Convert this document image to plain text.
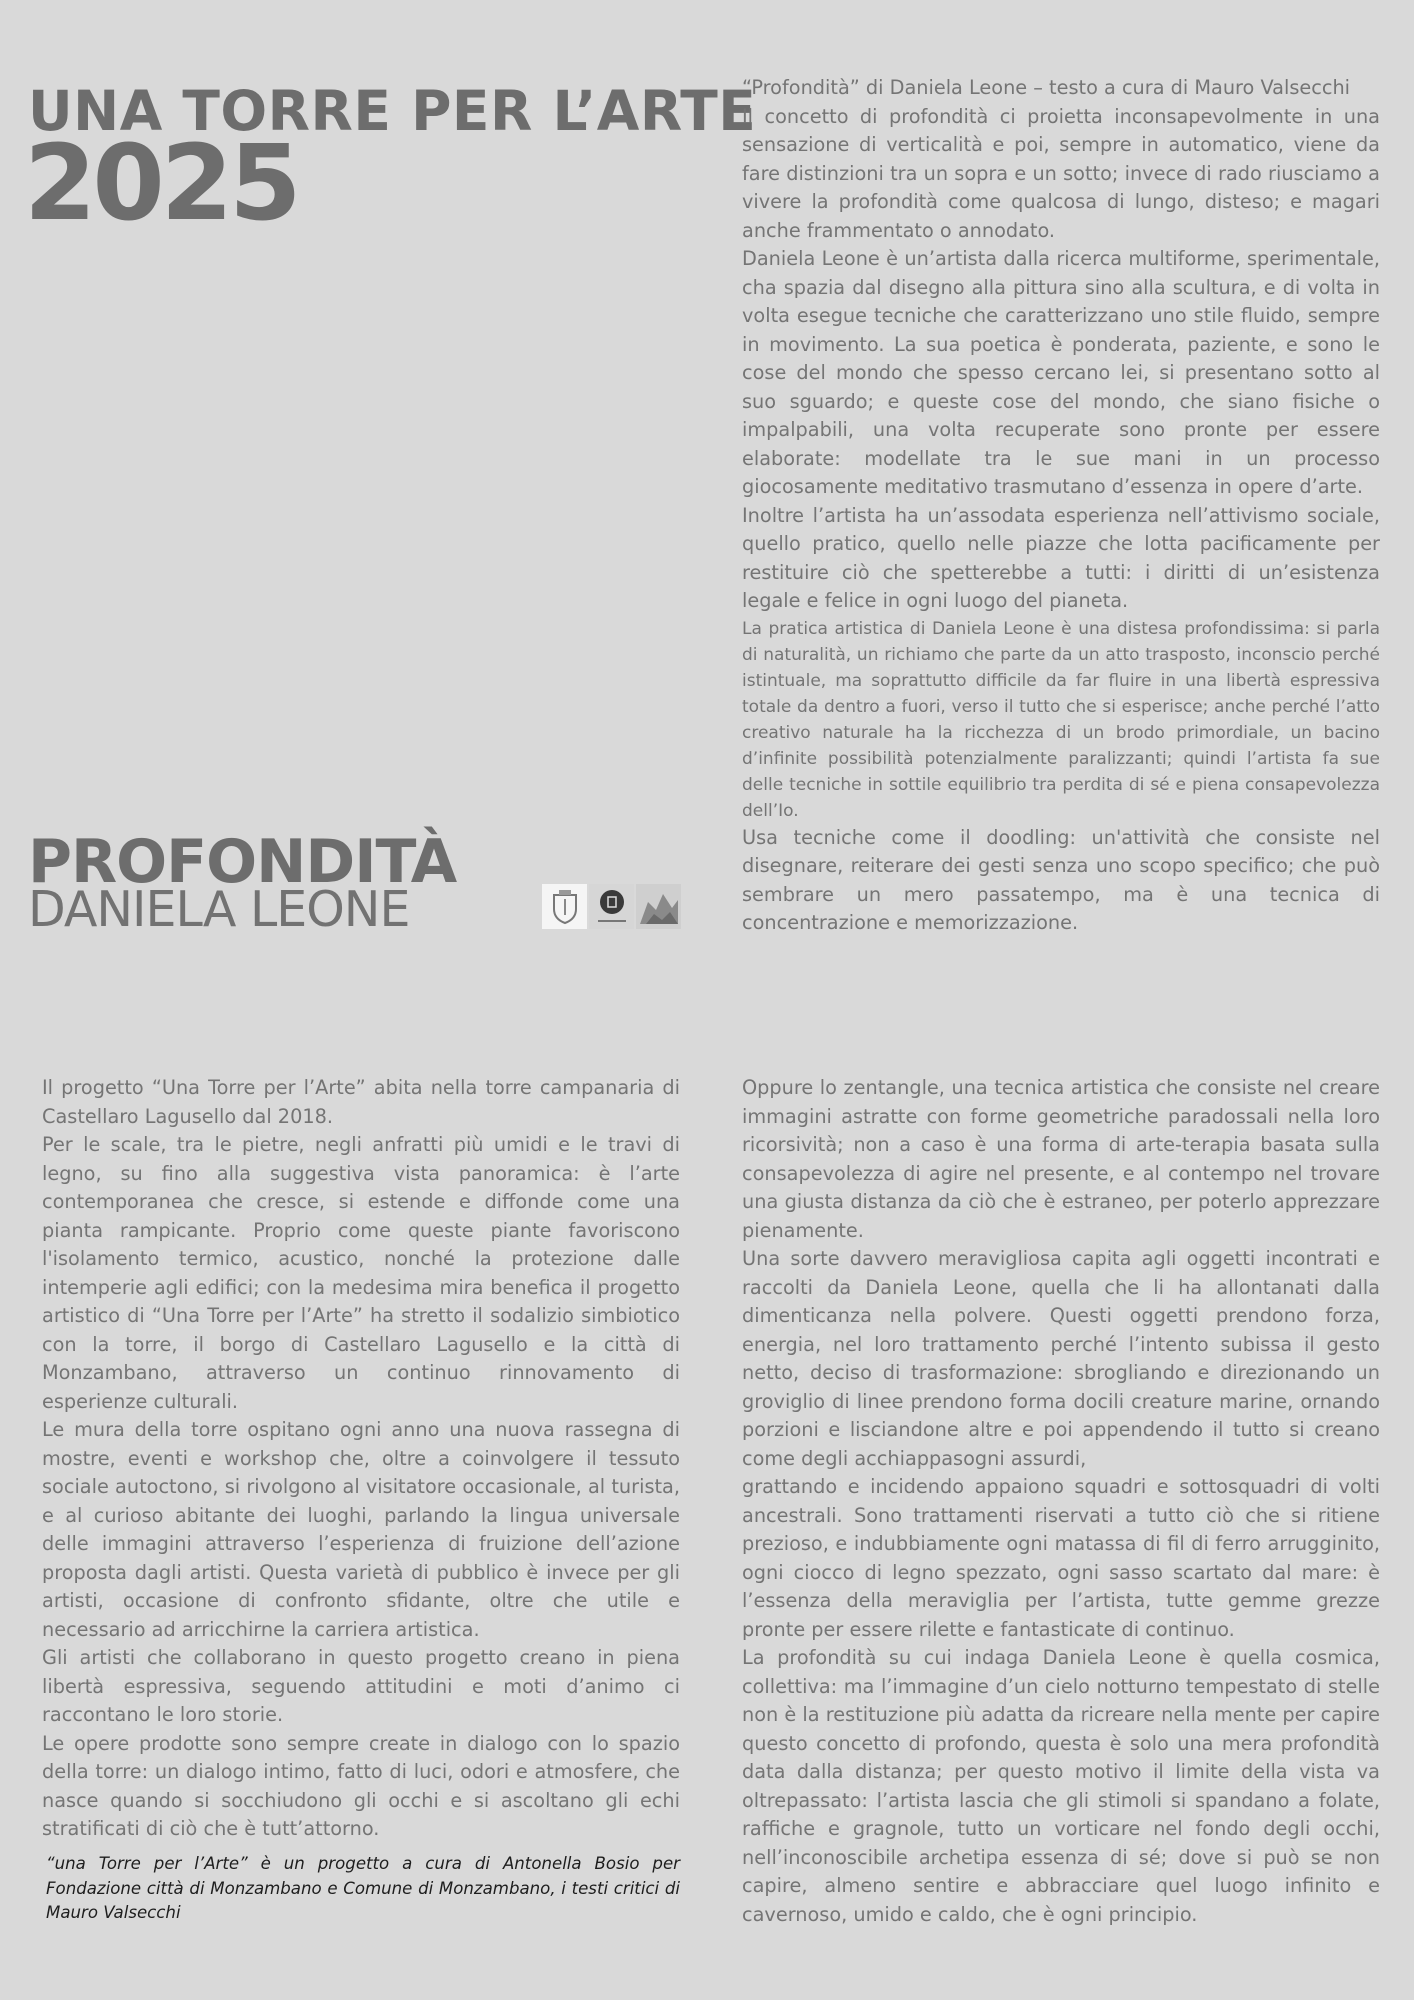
UNA TORRE PER L’ARTE
2025
PROFONDITÀ
DANIELA LEONE

“Profondità” di Daniela Leone – testo a cura di Mauro Valsecchi

Il concetto di profondità ci proietta inconsapevolmente in una sensazione di verticalità e poi, sempre in automatico, viene da fare distinzioni tra un sopra e un sotto; invece di rado riusciamo a vivere la profondità come qualcosa di lungo, disteso; e magari anche frammentato o annodato.

Daniela Leone è un’artista dalla ricerca multiforme, sperimentale, cha spazia dal disegno alla pittura sino alla scultura, e di volta in volta esegue tecniche che caratterizzano uno stile fluido, sempre in movimento. La sua poetica è ponderata, paziente, e sono le cose del mondo che spesso cercano lei, si presentano sotto al suo sguardo; e queste cose del mondo, che siano fisiche o impalpabili, una volta recuperate sono pronte per essere elaborate: modellate tra le sue mani in un processo giocosamente meditativo trasmutano d’essenza in opere d’arte.

Inoltre l’artista ha un’assodata esperienza nell’attivismo sociale, quello pratico, quello nelle piazze che lotta pacificamente per restituire ciò che spetterebbe a tutti: i diritti di un’esistenza legale e felice in ogni luogo del pianeta.

La pratica artistica di Daniela Leone è una distesa profondissima: si parla di naturalità, un richiamo che parte da un atto trasposto, inconscio perché istintuale, ma soprattutto difficile da far fluire in una libertà espressiva totale da dentro a fuori, verso il tutto che si esperisce; anche perché l’atto creativo naturale ha la ricchezza di un brodo primordiale, un bacino d’infinite possibilità potenzialmente paralizzanti; quindi l’artista fa sue delle tecniche in sottile equilibrio tra perdita di sé e piena consapevolezza dell’Io.

Usa tecniche come il doodling: un'attività che consiste nel disegnare, reiterare dei gesti senza uno scopo specifico; che può sembrare un mero passatempo, ma è una tecnica di concentrazione e memorizzazione.

Il progetto “Una Torre per l’Arte” abita nella torre campanaria di Castellaro Lagusello dal 2018.

Per le scale, tra le pietre, negli anfratti più umidi e le travi di legno, su fino alla suggestiva vista panoramica: è l’arte contemporanea che cresce, si estende e diffonde come una pianta rampicante. Proprio come queste piante favoriscono l'isolamento termico, acustico, nonché la protezione dalle intemperie agli edifici; con la medesima mira benefica il progetto artistico di “Una Torre per l’Arte” ha stretto il sodalizio simbiotico con la torre, il borgo di Castellaro Lagusello e la città di Monzambano, attraverso un continuo rinnovamento di esperienze culturali.

Le mura della torre ospitano ogni anno una nuova rassegna di mostre, eventi e workshop che, oltre a coinvolgere il tessuto sociale autoctono, si rivolgono al visitatore occasionale, al turista, e al curioso abitante dei luoghi, parlando la lingua universale delle immagini attraverso l’esperienza di fruizione dell’azione proposta dagli artisti. Questa varietà di pubblico è invece per gli artisti, occasione di confronto sfidante, oltre che utile e necessario ad arricchirne la carriera artistica.

Gli artisti che collaborano in questo progetto creano in piena libertà espressiva, seguendo attitudini e moti d’animo ci raccontano le loro storie.

Le opere prodotte sono sempre create in dialogo con lo spazio della torre: un dialogo intimo, fatto di luci, odori e atmosfere, che nasce quando si socchiudono gli occhi e si ascoltano gli echi stratificati di ciò che è tutt’attorno.

“una Torre per l’Arte” è un progetto a cura di Antonella Bosio per Fondazione città di Monzambano e Comune di Monzambano, i testi critici di Mauro Valsecchi

Oppure lo zentangle, una tecnica artistica che consiste nel creare immagini astratte con forme geometriche paradossali nella loro ricorsività; non a caso è una forma di arte-terapia basata sulla consapevolezza di agire nel presente, e al contempo nel trovare una giusta distanza da ciò che è estraneo, per poterlo apprezzare pienamente.

Una sorte davvero meravigliosa capita agli oggetti incontrati e raccolti da Daniela Leone, quella che li ha allontanati dalla dimenticanza nella polvere. Questi oggetti prendono forza, energia, nel loro trattamento perché l’intento subissa il gesto netto, deciso di trasformazione: sbrogliando e direzionando un groviglio di linee prendono forma docili creature marine, ornando porzioni e lisciandone altre e poi appendendo il tutto si creano come degli acchiappasogni assurdi,

grattando e incidendo appaiono squadri e sottosquadri di volti ancestrali. Sono trattamenti riservati a tutto ciò che si ritiene prezioso, e indubbiamente ogni matassa di fil di ferro arrugginito, ogni ciocco di legno spezzato, ogni sasso scartato dal mare: è l’essenza della meraviglia per l’artista, tutte gemme grezze pronte per essere rilette e fantasticate di continuo.

La profondità su cui indaga Daniela Leone è quella cosmica, collettiva: ma l’immagine d’un cielo notturno tempestato di stelle non è la restituzione più adatta da ricreare nella mente per capire questo concetto di profondo, questa è solo una mera profondità data dalla distanza; per questo motivo il limite della vista va oltrepassato: l’artista lascia che gli stimoli si spandano a folate, raffiche e gragnole, tutto un vorticare nel fondo degli occhi, nell’inconoscibile archetipa essenza di sé; dove si può se non capire, almeno sentire e abbracciare quel luogo infinito e cavernoso, umido e caldo, che è ogni principio.
